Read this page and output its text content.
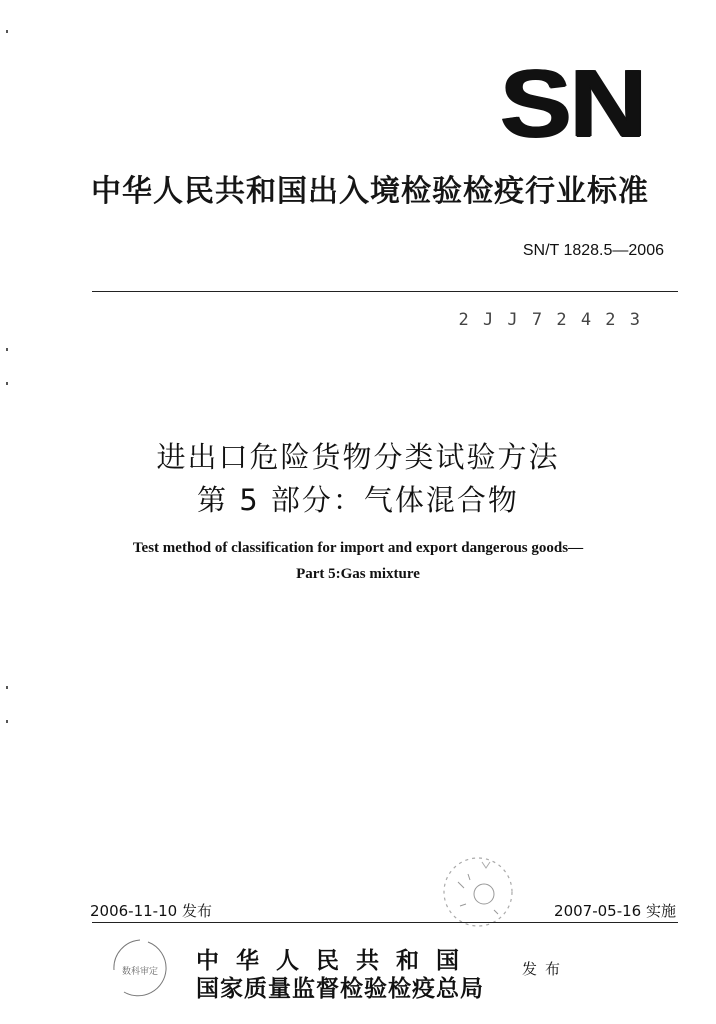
SN
中华人民共和国出入境检验检疫行业标准
SN/T 1828.5—2006
2 J J 7 2 4 2 3
进出口危险货物分类试验方法
第 5 部分：气体混合物
Test method of classification for import and export dangerous goods—
Part 5:Gas mixture
2006-11-10 发布	2007-05-16 实施
数科审定 中华人民共和国
国家质量监督检验检疫总局
发布
